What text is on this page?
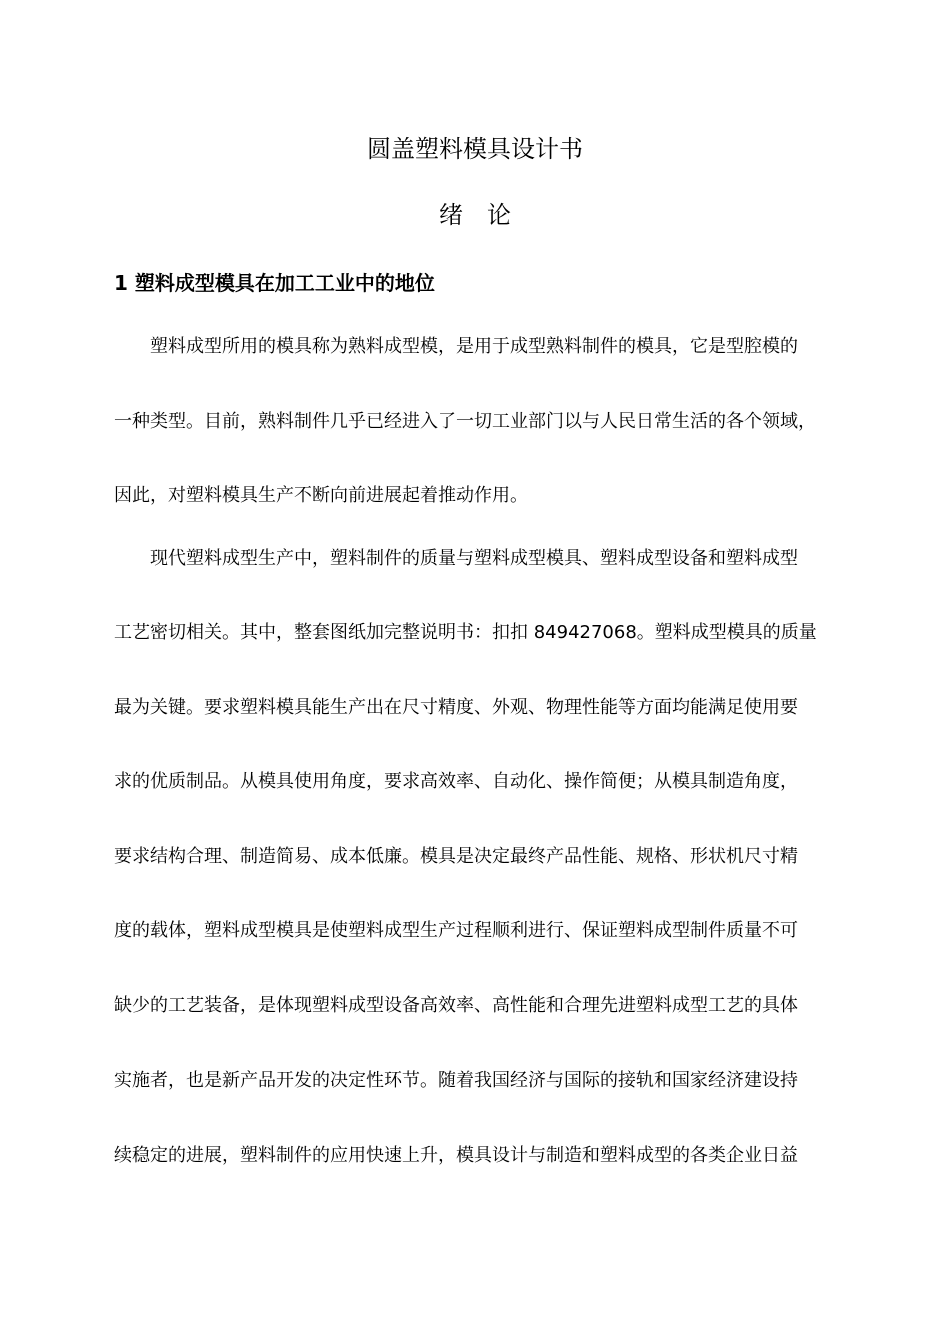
圆盖塑料模具设计书
绪　论
1 塑料成型模具在加工工业中的地位

塑料成型所用的模具称为熟料成型模，是用于成型熟料制件的模具，它是型腔模的

一种类型。目前，熟料制件几乎已经进入了一切工业部门以与人民日常生活的各个领域，

因此，对塑料模具生产不断向前进展起着推动作用。

现代塑料成型生产中，塑料制件的质量与塑料成型模具、塑料成型设备和塑料成型

工艺密切相关。其中，整套图纸加完整说明书：扣扣 849427068。塑料成型模具的质量

最为关键。要求塑料模具能生产出在尺寸精度、外观、物理性能等方面均能满足使用要

求的优质制品。从模具使用角度，要求高效率、自动化、操作简便；从模具制造角度，

要求结构合理、制造简易、成本低廉。模具是决定最终产品性能、规格、形状机尺寸精

度的载体，塑料成型模具是使塑料成型生产过程顺利进行、保证塑料成型制件质量不可

缺少的工艺装备，是体现塑料成型设备高效率、高性能和合理先进塑料成型工艺的具体

实施者，也是新产品开发的决定性环节。随着我国经济与国际的接轨和国家经济建设持

续稳定的进展，塑料制件的应用快速上升，模具设计与制造和塑料成型的各类企业日益
